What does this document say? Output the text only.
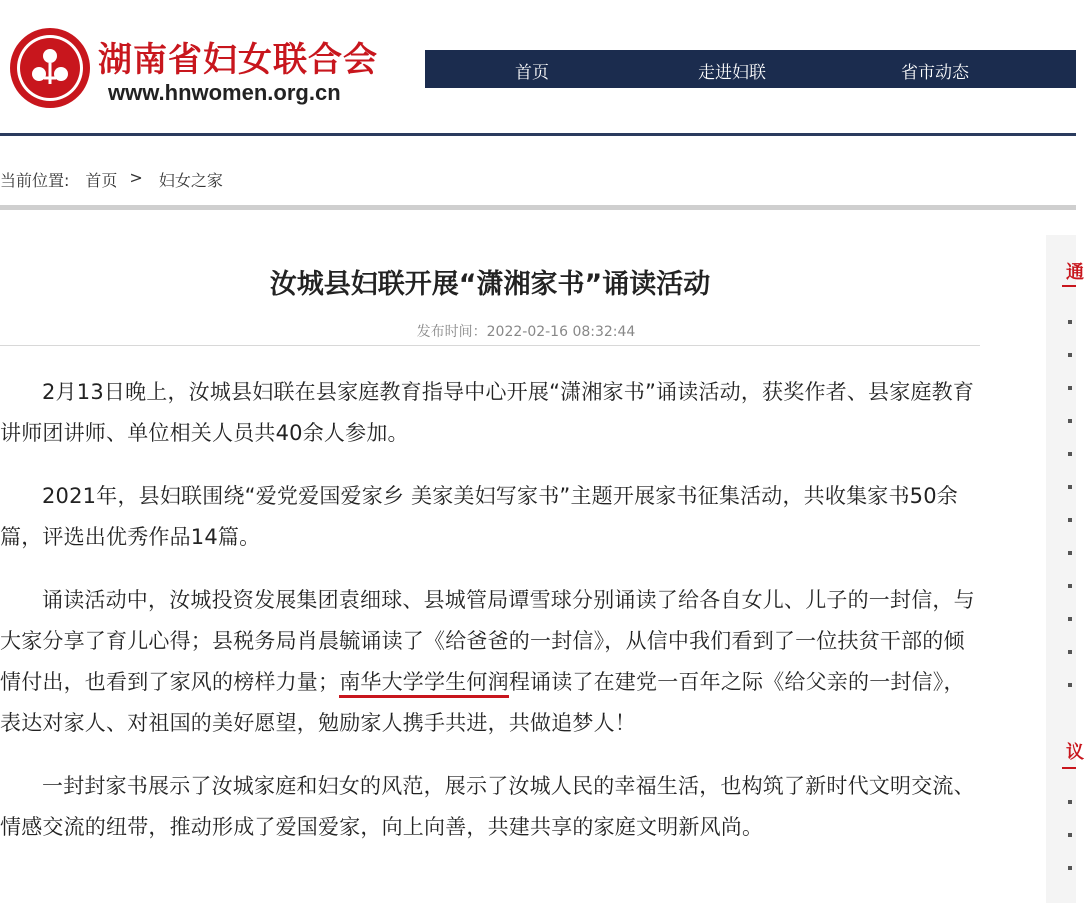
湖南省妇女联合会
www.hnwomen.org.cn
首页	走进妇联	省市动态
当前位置: 首页 > 妇女之家
汝城县妇联开展“潇湘家书”诵读活动
发布时间：2022-02-16 08:32:44

2月13日晚上，汝城县妇联在县家庭教育指导中心开展“潇湘家书”诵读活动，获奖作者、县家庭教育讲师团讲师、单位相关人员共40余人参加。

2021年，县妇联围绕“爱党爱国爱家乡 美家美妇写家书”主题开展家书征集活动，共收集家书50余篇，评选出优秀作品14篇。

诵读活动中，汝城投资发展集团袁细球、县城管局谭雪球分别诵读了给各自女儿、儿子的一封信，与大家分享了育儿心得；县税务局肖晨毓诵读了《给爸爸的一封信》，从信中我们看到了一位扶贫干部的倾情付出，也看到了家风的榜样力量；南华大学学生何润程诵读了在建党一百年之际《给父亲的一封信》，表达对家人、对祖国的美好愿望，勉励家人携手共进，共做追梦人！

一封封家书展示了汝城家庭和妇女的风范，展示了汝城人民的幸福生活，也构筑了新时代文明交流、情感交流的纽带，推动形成了爱国爱家，向上向善，共建共享的家庭文明新风尚。

通
议
